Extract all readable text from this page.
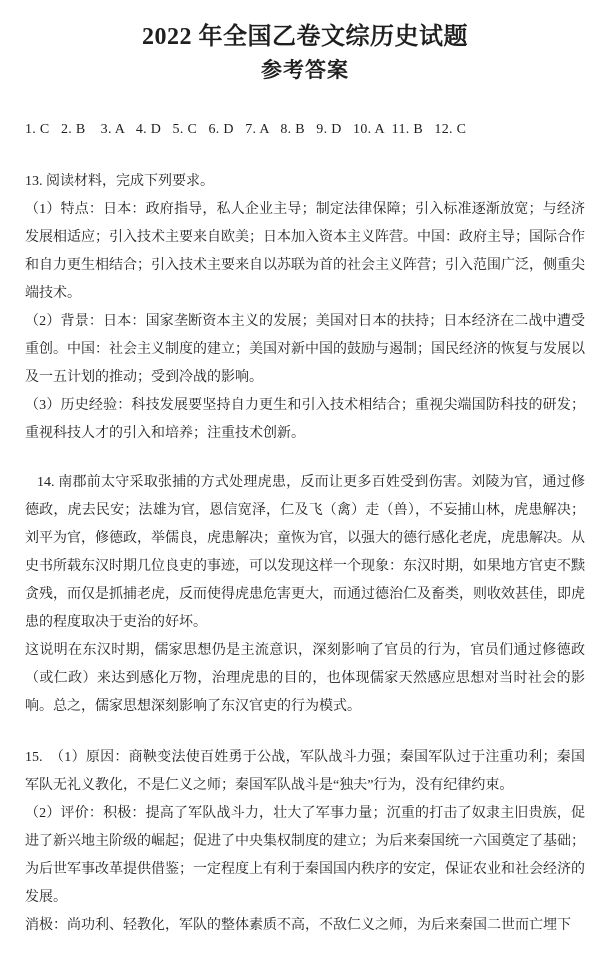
2022 年全国乙卷文综历史试题
参考答案

1. C   2. B    3. A   4. D   5. C   6. D   7. A   8. B   9. D   10. A  11. B   12. C

13. 阅读材料，完成下列要求。

（1）特点：日本：政府指导，私人企业主导；制定法律保障；引入标准逐渐放宽；与经济发展相适应；引入技术主要来自欧美；日本加入资本主义阵营。中国：政府主导；国际合作和自力更生相结合；引入技术主要来自以苏联为首的社会主义阵营；引入范围广泛，侧重尖端技术。

（2）背景：日本：国家垄断资本主义的发展；美国对日本的扶持；日本经济在二战中遭受重创。中国：社会主义制度的建立；美国对新中国的鼓励与遏制；国民经济的恢复与发展以及一五计划的推动；受到冷战的影响。

（3）历史经验：科技发展要坚持自力更生和引入技术相结合；重视尖端国防科技的研发；重视科技人才的引入和培养；注重技术创新。

14. 南郡前太守采取张捕的方式处理虎患，反而让更多百姓受到伤害。刘陵为官，通过修德政，虎去民安；法雄为官，恩信宽泽，仁及飞（禽）走（兽），不妄捕山林，虎患解决；刘平为官，修德政，举儒良，虎患解决；童恢为官，以强大的德行感化老虎，虎患解决。从史书所载东汉时期几位良吏的事迹，可以发现这样一个现象：东汉时期，如果地方官吏不黩贪残，而仅是抓捕老虎，反而使得虎患危害更大，而通过德治仁及畜类，则收效甚佳，即虎患的程度取决于吏治的好坏。

这说明在东汉时期，儒家思想仍是主流意识，深刻影响了官员的行为，官员们通过修德政（或仁政）来达到感化万物，治理虎患的目的，也体现儒家天然感应思想对当时社会的影响。总之，儒家思想深刻影响了东汉官吏的行为模式。

15.  （1）原因：商鞅变法使百姓勇于公战，军队战斗力强；秦国军队过于注重功利；秦国军队无礼义教化，不是仁义之师；秦国军队战斗是“独夫”行为，没有纪律约束。

（2）评价：积极：提高了军队战斗力，壮大了军事力量；沉重的打击了奴隶主旧贵族，促进了新兴地主阶级的崛起；促进了中央集权制度的建立；为后来秦国统一六国奠定了基础；为后世军事改革提供借鉴；一定程度上有利于秦国国内秩序的安定，保证农业和社会经济的发展。

消极：尚功利、轻教化，军队的整体素质不高，不敌仁义之师，为后来秦国二世而亡埋下
